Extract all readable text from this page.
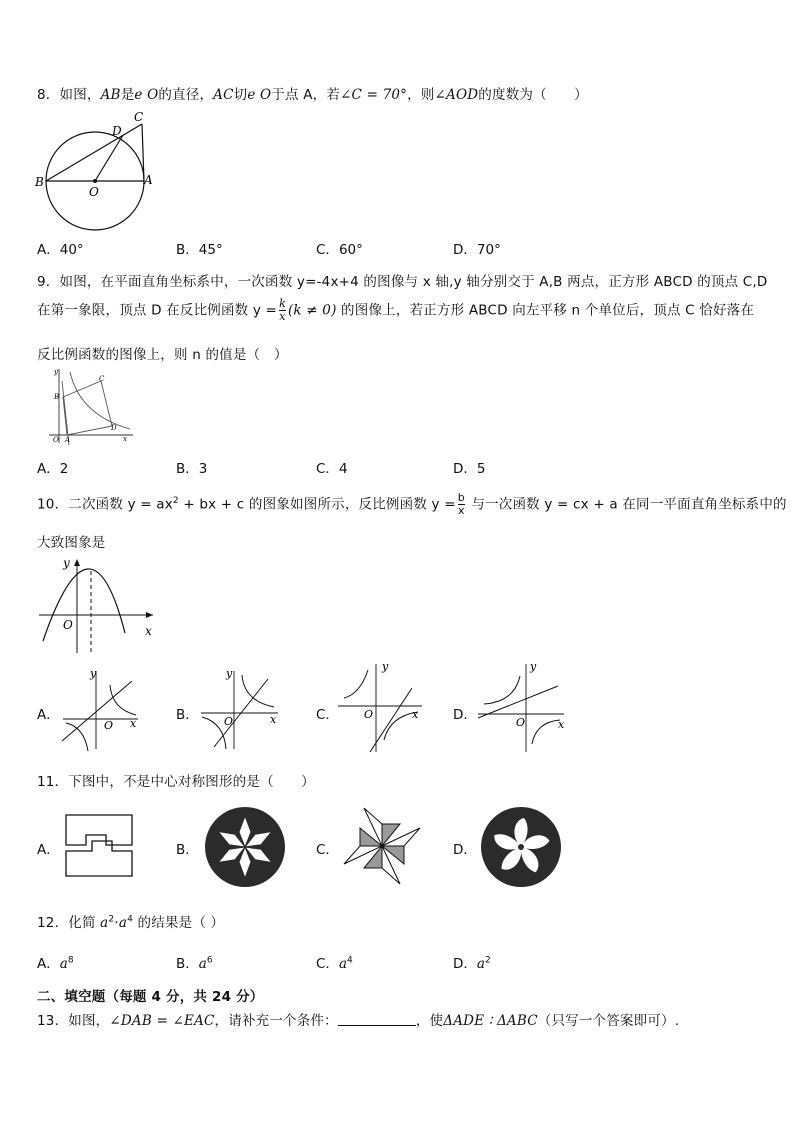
8．如图，AB是e O的直径，AC切e O于点 A，若∠C = 70°，则∠AOD的度数为（　　）
B
O
A
D
C
A．40°	B．45°	C．60°	D．70°
9．如图，在平面直角坐标系中，一次函数 y=-4x+4 的图像与 x 轴,y 轴分别交于 A,B 两点，正方形 ABCD 的顶点 C,D
在第一象限，顶点 D 在反比例函数 $y = \frac{k}{x} (k \ne 0)$ 的图像上，若正方形 ABCD 向左平移 n 个单位后，顶点 C 恰好落在
反比例函数的图像上，则 n 的值是（　）
y
B
C
D
O A	x
A．2	B．3	C．4	D．5
10．二次函数 $y = ax^2$ + bx + c 的图象如图所示，反比例函数 $y = \frac{b}{x}$ 与一次函数 y = cx + a 在同一平面直角坐标系中的
大致图象是
y
O	x
A．
y
O x
B．
y
O	x	C．
y
O	x	D．
y
O	x
11．下图中，不是中心对称图形的是（　　）
A．	B．	C．	D．
12．化简 $a^2\cdot a^4$ 的结果是（ ）
A．$a^8$	B．$a^6$	C．$a^4$	D．$a^2$
二、填空题（每题 4 分，共 24 分）
13．如图，∠DAB = ∠EAC，请补充一个条件：	，使ΔADE ∶ ΔABC（只写一个答案即可）.
